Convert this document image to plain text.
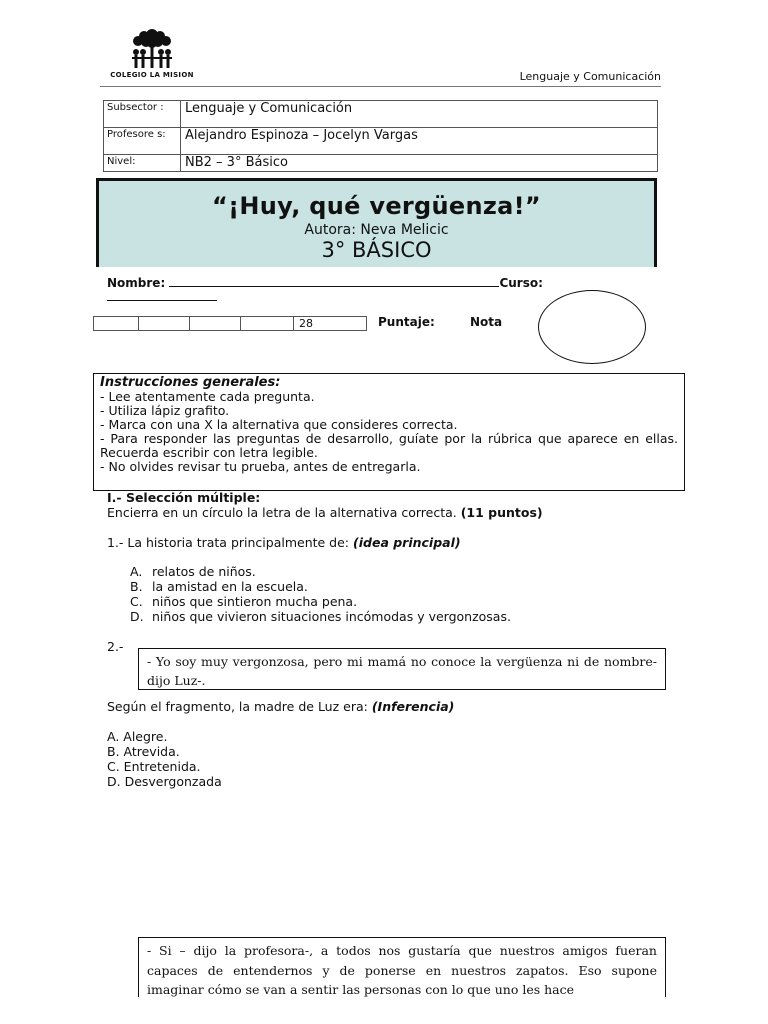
COLEGIO LA MISION	Lenguaje y Comunicación
Subsector :	Lenguaje y Comunicación
Profesore s:	Alejandro Espinoza – Jocelyn Vargas
Nivel:	NB2 – 3° Básico
“¡Huy, qué vergüenza!”
Autora: Neva Melicic
3° BÁSICO
Nombre:	Curso:
				28	Puntaje:	Nota
Instrucciones generales:
- Lee atentamente cada pregunta.
- Utiliza lápiz grafito.
- Marca con una X la alternativa que consideres correcta.
- Para responder las preguntas de desarrollo, guíate por la rúbrica que aparece en ellas. Recuerda escribir con letra legible.
- No olvides revisar tu prueba, antes de entregarla.
I.- Selección múltiple:
Encierra en un círculo la letra de la alternativa correcta. (11 puntos)
1.- La historia trata principalmente de: (idea principal)
A. relatos de niños.
B. la amistad en la escuela.
C. niños que sintieron mucha pena.
D. niños que vivieron situaciones incómodas y vergonzosas.
2.-
- Yo soy muy vergonzosa, pero mi mamá no conoce la vergüenza ni de nombre- dijo Luz-.
Según el fragmento, la madre de Luz era: (Inferencia)
A. Alegre.
B. Atrevida.
C. Entretenida.
D. Desvergonzada
- Si – dijo la profesora-, a todos nos gustaría que nuestros amigos fueran capaces de entendernos y de ponerse en nuestros zapatos. Eso supone imaginar cómo se van a sentir las personas con lo que uno les hace
